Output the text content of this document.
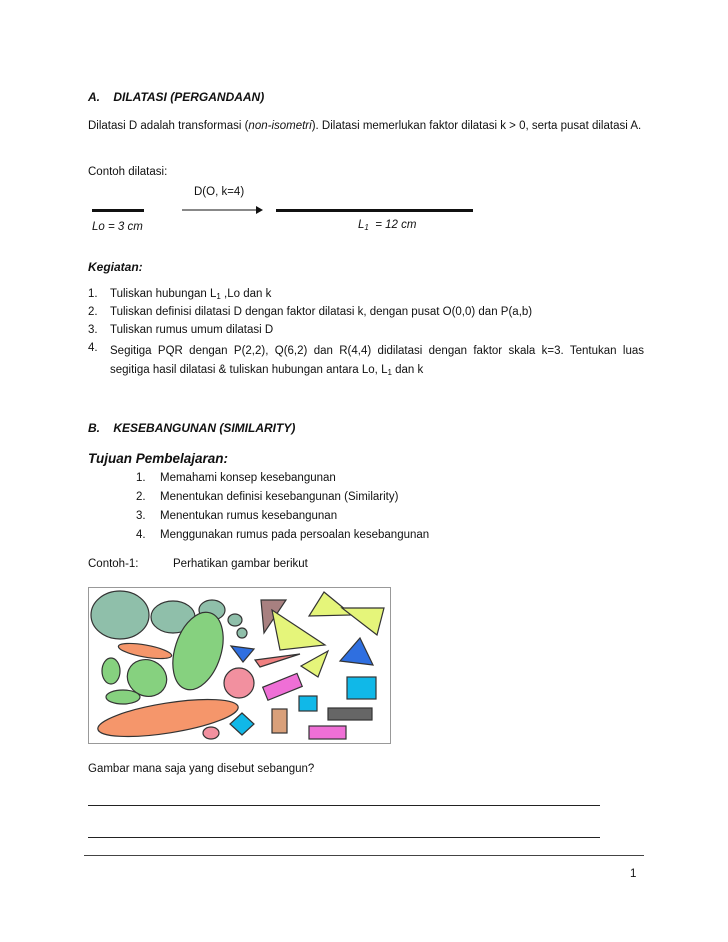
A. DILATASI (PERGANDAAN)
Dilatasi D adalah transformasi (non-isometri). Dilatasi memerlukan faktor dilatasi k > 0, serta pusat dilatasi A.
Contoh dilatasi:
D(O, k=4)
Lo = 3 cm	$L_1 = 12$ cm
Kegiatan:
1. Tuliskan hubungan $L_1$ ,Lo dan k
2. Tuliskan definisi dilatasi D dengan faktor dilatasi k, dengan pusat O(0,0) dan P(a,b)
3. Tuliskan rumus umum dilatasi D
4. Segitiga PQR dengan P(2,2), Q(6,2) dan R(4,4) didilatasi dengan faktor skala k=3. Tentukan luas segitiga hasil dilatasi & tuliskan hubungan antara Lo, $L_1$ dan k
B. KESEBANGUNAN (SIMILARITY)
Tujuan Pembelajaran:
1. Memahami konsep kesebangunan
2. Menentukan definisi kesebangunan (Similarity)
3. Menentukan rumus kesebangunan
4. Menggunakan rumus pada persoalan kesebangunan
Contoh-1:	Perhatikan gambar berikut
Gambar mana saja yang disebut sebangun?
1
